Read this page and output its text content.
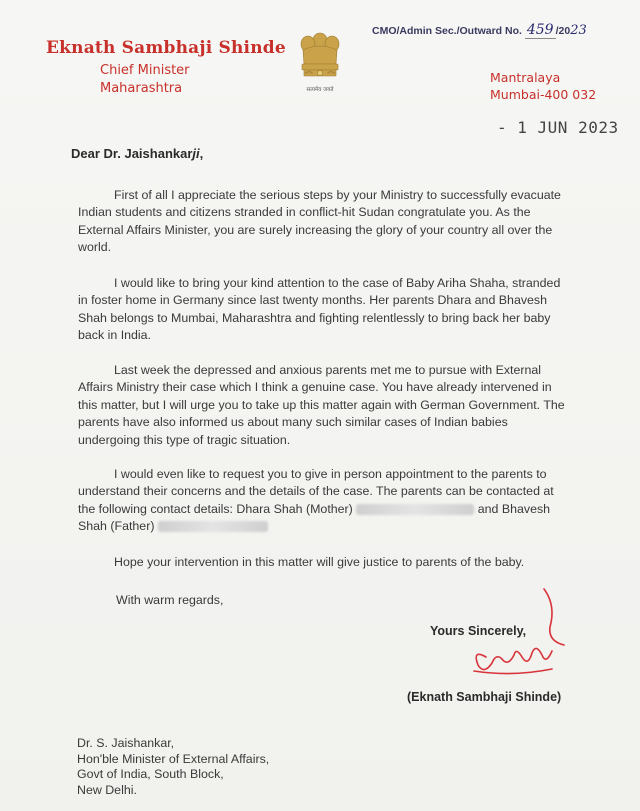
Eknath Sambhaji Shinde
Chief Minister
Maharashtra	सत्यमेव जयते
CMO/Admin Sec./Outward No. 459 /2023
Mantralaya
Mumbai-400 032
- 1 JUN 2023
Dear Dr. Jaishankarji,

First of all I appreciate the serious steps by your Ministry to successfully evacuate Indian students and citizens stranded in conflict-hit Sudan congratulate you. As the External Affairs Minister, you are surely increasing the glory of your country all over the world.

I would like to bring your kind attention to the case of Baby Ariha Shaha, stranded in foster home in Germany since last twenty months. Her parents Dhara and Bhavesh Shah belongs to Mumbai, Maharashtra and fighting relentlessly to bring back her baby back in India.

Last week the depressed and anxious parents met me to pursue with External Affairs Ministry their case which I think a genuine case. You have already intervened in this matter, but I will urge you to take up this matter again with German Government. The parents have also informed us about many such similar cases of Indian babies undergoing this type of tragic situation.

I would even like to request you to give in person appointment to the parents to understand their concerns and the details of the case. The parents can be contacted at the following contact details: Dhara Shah (Mother)	and Bhavesh Shah (Father)

Hope your intervention in this matter will give justice to parents of the baby.

With warm regards,
Yours Sincerely,
(Eknath Sambhaji Shinde)
Dr. S. Jaishankar,
Hon'ble Minister of External Affairs,
Govt of India, South Block,
New Delhi.
